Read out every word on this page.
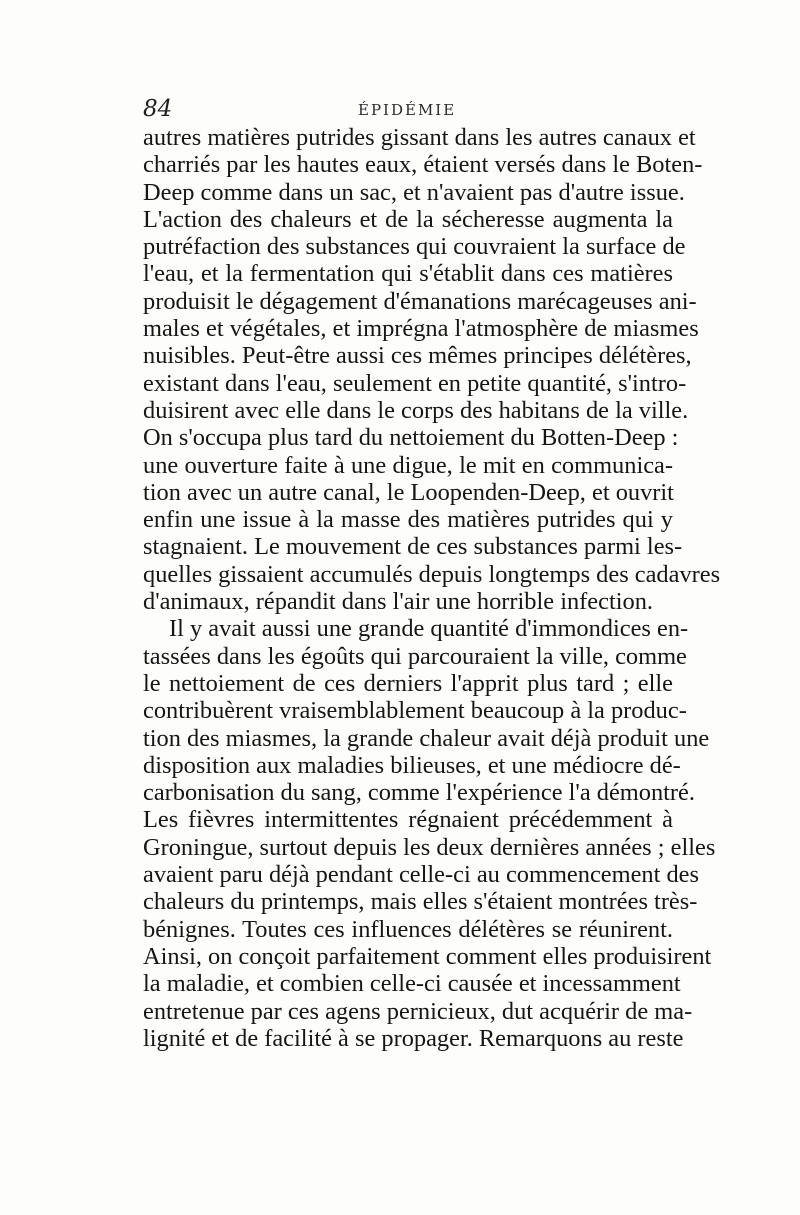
84	ÉPIDÉMIE
autres matières putrides gissant dans les autres canaux et
charriés par les hautes eaux, étaient versés dans le Boten-
Deep comme dans un sac, et n'avaient pas d'autre issue.
L'action des chaleurs et de la sécheresse augmenta la
putréfaction des substances qui couvraient la surface de
l'eau, et la fermentation qui s'établit dans ces matières
produisit le dégagement d'émanations marécageuses ani-
males et végétales, et imprégna l'atmosphère de miasmes
nuisibles. Peut-être aussi ces mêmes principes délétères,
existant dans l'eau, seulement en petite quantité, s'intro-
duisirent avec elle dans le corps des habitans de la ville.
On s'occupa plus tard du nettoiement du Botten-Deep :
une ouverture faite à une digue, le mit en communica-
tion avec un autre canal, le Loopenden-Deep, et ouvrit
enfin une issue à la masse des matières putrides qui y
stagnaient. Le mouvement de ces substances parmi les-
quelles gissaient accumulés depuis longtemps des cadavres
d'animaux, répandit dans l'air une horrible infection.
Il y avait aussi une grande quantité d'immondices en-
tassées dans les égoûts qui parcouraient la ville, comme
le nettoiement de ces derniers l'apprit plus tard ; elle
contribuèrent vraisemblablement beaucoup à la produc-
tion des miasmes, la grande chaleur avait déjà produit une
disposition aux maladies bilieuses, et une médiocre dé-
carbonisation du sang, comme l'expérience l'a démontré.
Les fièvres intermittentes régnaient précédemment à
Groningue, surtout depuis les deux dernières années ; elles
avaient paru déjà pendant celle-ci au commencement des
chaleurs du printemps, mais elles s'étaient montrées très-
bénignes. Toutes ces influences délétères se réunirent.
Ainsi, on conçoit parfaitement comment elles produisirent
la maladie, et combien celle-ci causée et incessamment
entretenue par ces agens pernicieux, dut acquérir de ma-
lignité et de facilité à se propager. Remarquons au reste
